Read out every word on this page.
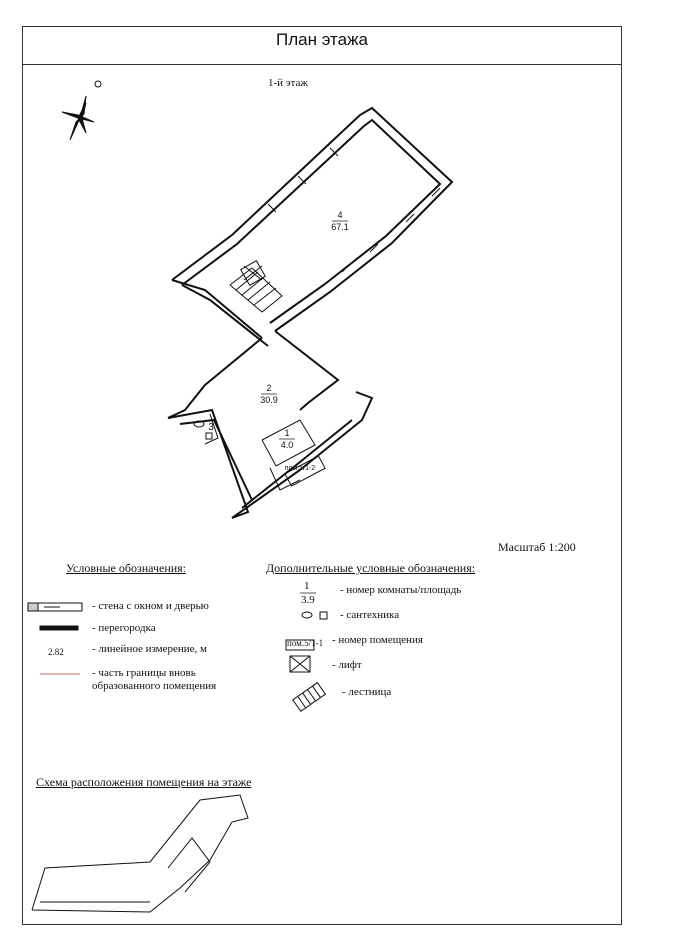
План этажа
1-й этаж
Масштаб 1:200
4
67.1
2
30.9
3	1
4.0
пом.5/1-2
Условные обозначения:
- стена с окном и дверью
- перегородка
2.82	- линейное измерение, м
- часть границы вновь образованного помещения
Дополнительные условные обозначения:
1
3.9
- номер комнаты/площадь
- сантехника
пом.5/1-1 - номер помещения
- лифт
- лестница
Схема расположения помещения на этаже
